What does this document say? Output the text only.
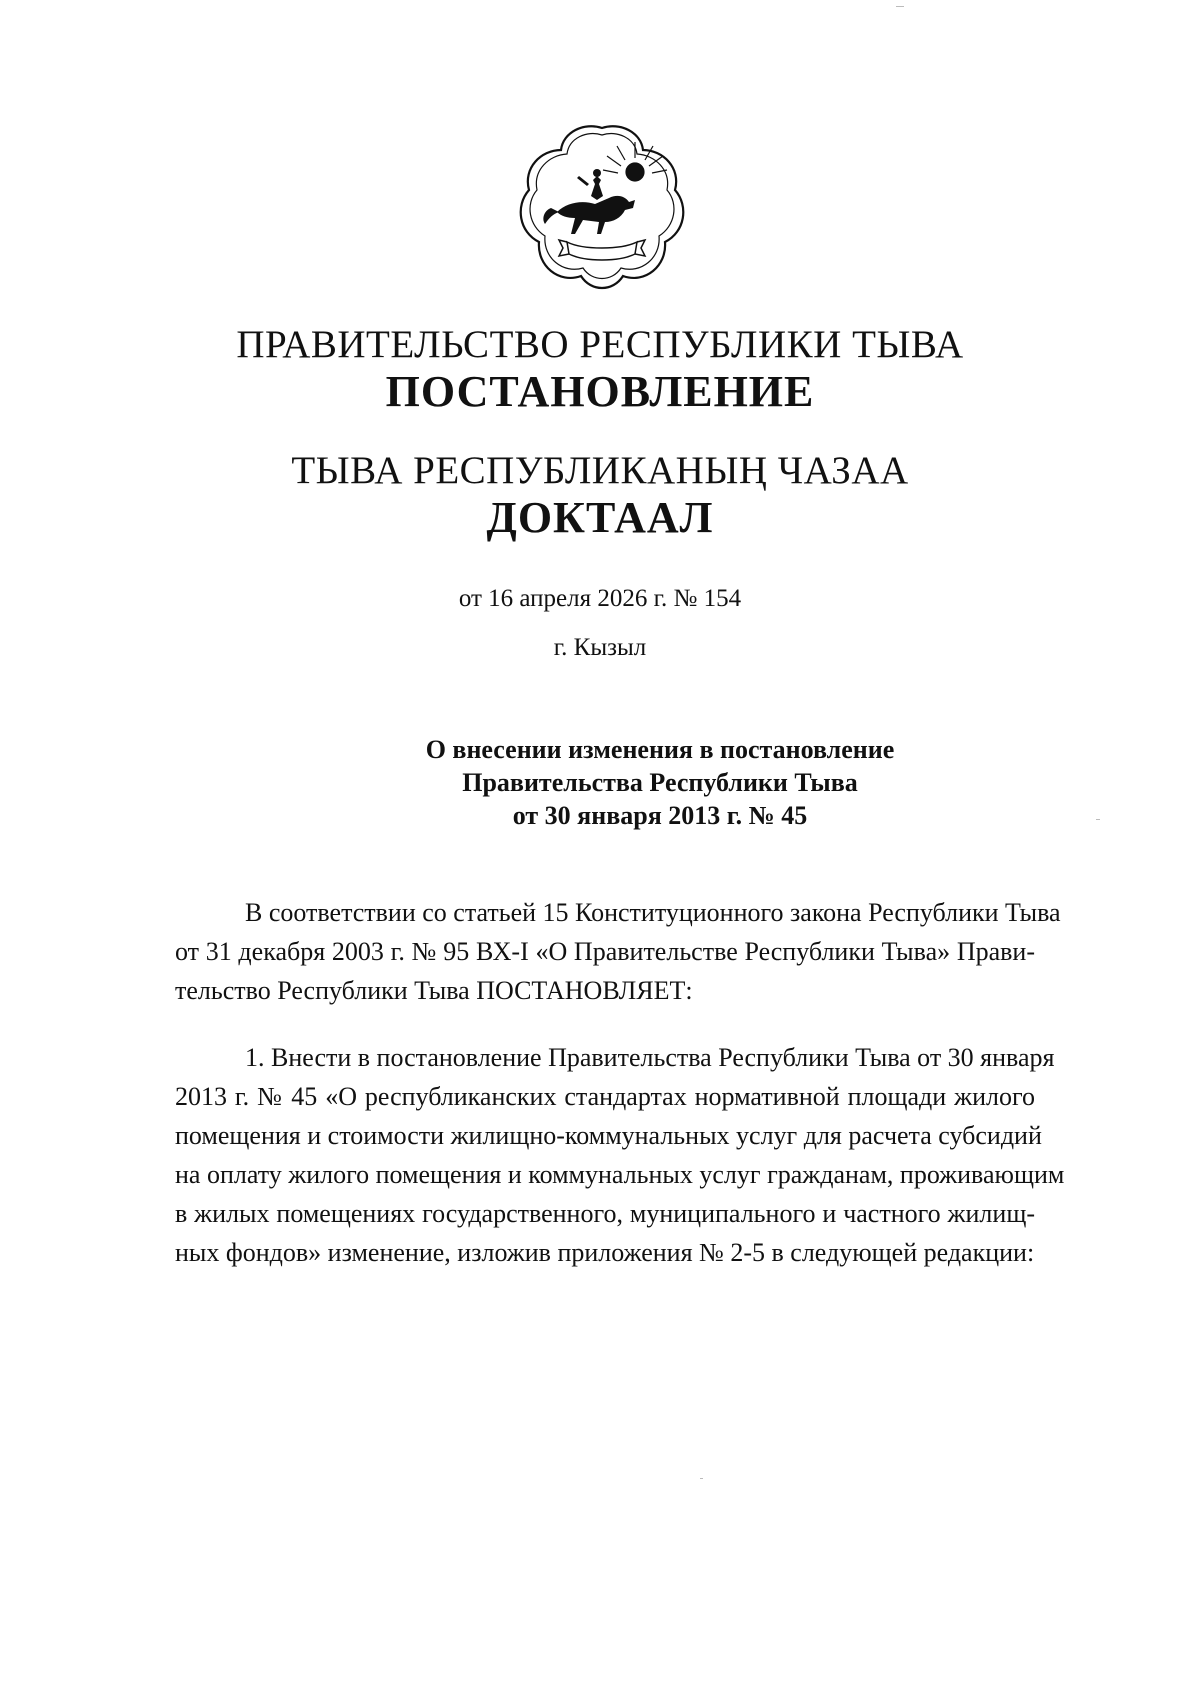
ПРАВИТЕЛЬСТВО РЕСПУБЛИКИ ТЫВА
ПОСТАНОВЛЕНИЕ
ТЫВА РЕСПУБЛИКАНЫҢ ЧАЗАА
ДОКТААЛ
от 16 апреля 2026 г. № 154
г. Кызыл
О внесении изменения в постановление
Правительства Республики Тыва
от 30 января 2013 г. № 45
В соответствии со статьей 15 Конституционного закона Республики Тыва
от 31 декабря 2003 г. № 95 ВХ-I «О Правительстве Республики Тыва» Прави-
тельство Республики Тыва ПОСТАНОВЛЯЕТ:
1. Внести в постановление Правительства Республики Тыва от 30 января
2013 г. № 45 «О республиканских стандартах нормативной площади жилого
помещения и стоимости жилищно-коммунальных услуг для расчета субсидий
на оплату жилого помещения и коммунальных услуг гражданам, проживающим
в жилых помещениях государственного, муниципального и частного жилищ-
ных фондов» изменение, изложив приложения № 2-5 в следующей редакции:
